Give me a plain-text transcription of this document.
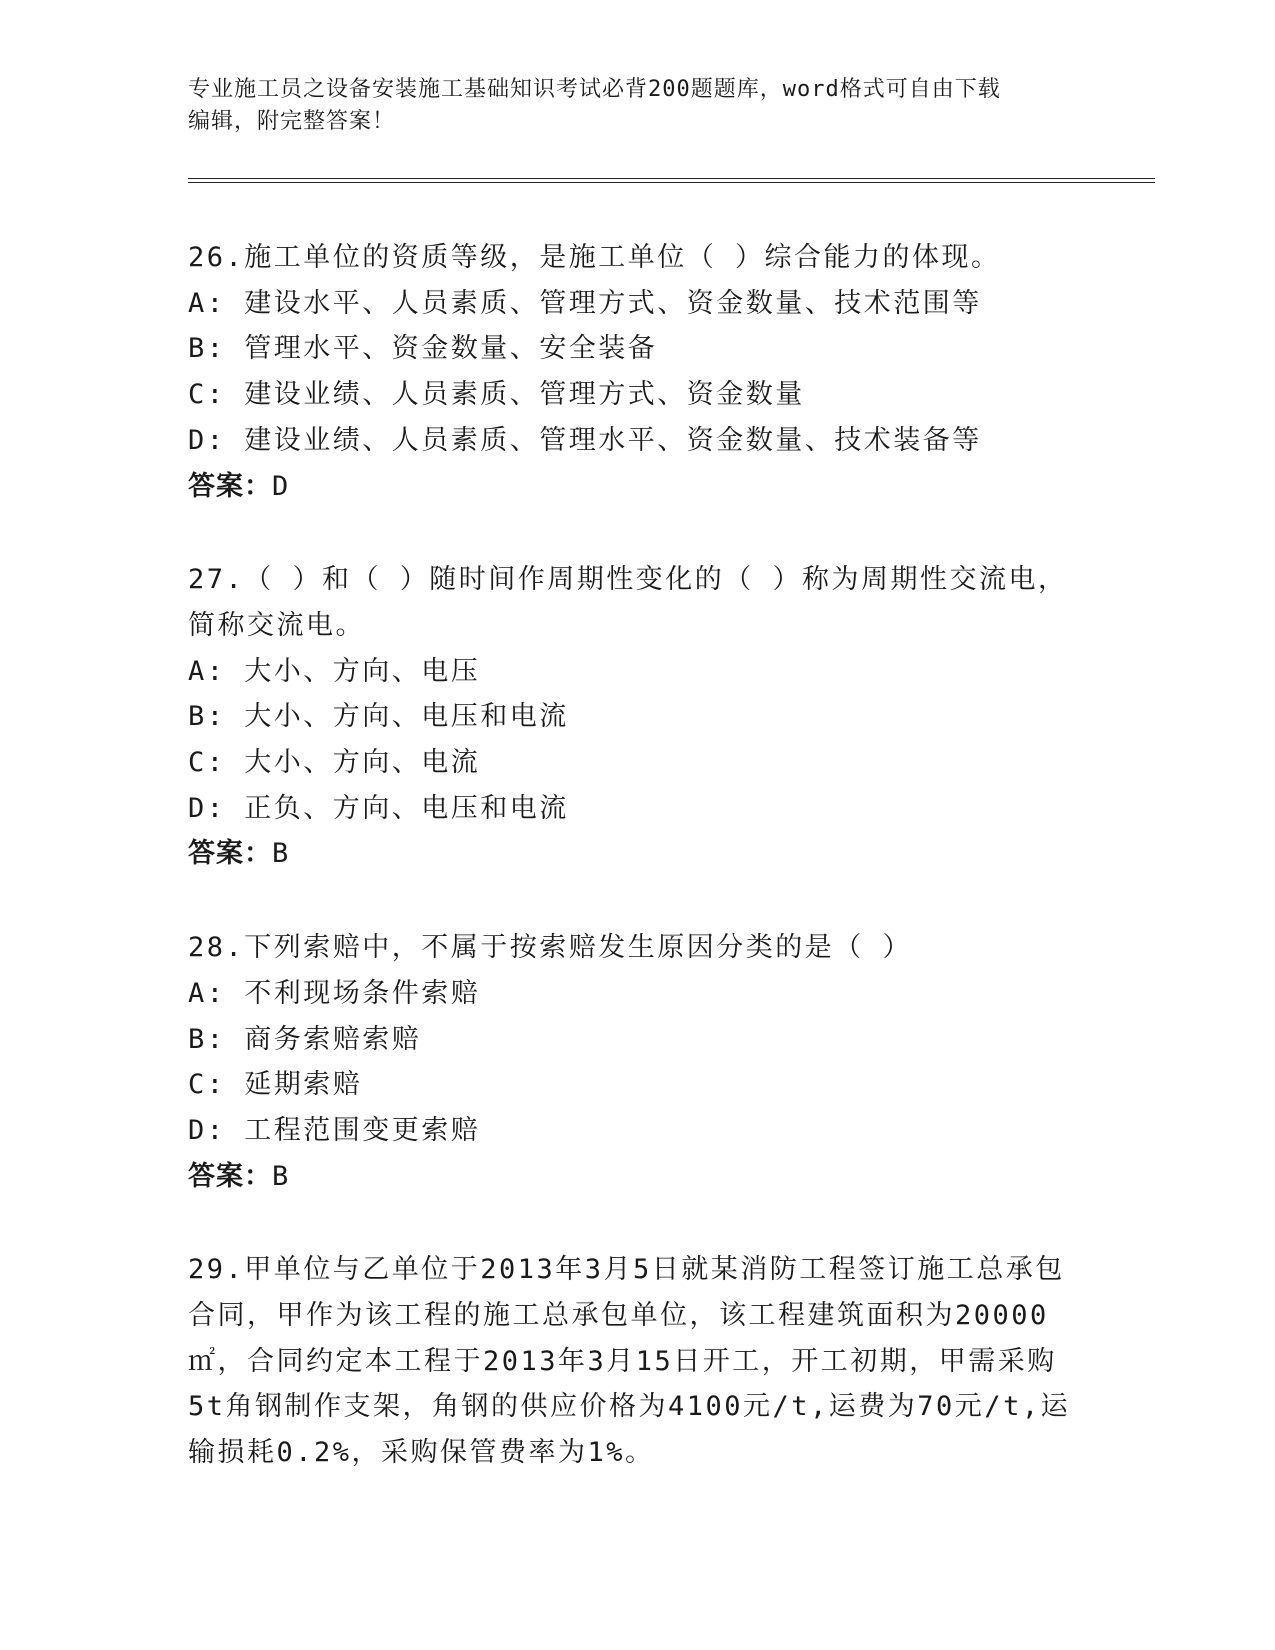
专业施工员之设备安装施工基础知识考试必背200题题库，word格式可自由下载
编辑，附完整答案！
26.施工单位的资质等级，是施工单位（ ）综合能力的体现。
A: 建设水平、人员素质、管理方式、资金数量、技术范围等
B: 管理水平、资金数量、安全装备
C: 建设业绩、人员素质、管理方式、资金数量
D: 建设业绩、人员素质、管理水平、资金数量、技术装备等
答案：D
27.（ ）和（ ）随时间作周期性变化的（ ）称为周期性交流电，简称交流电。
A: 大小、方向、电压
B: 大小、方向、电压和电流
C: 大小、方向、电流
D: 正负、方向、电压和电流
答案：B
28.下列索赔中，不属于按索赔发生原因分类的是（ ）
A: 不利现场条件索赔
B: 商务索赔索赔
C: 延期索赔
D: 工程范围变更索赔
答案：B
29.甲单位与乙单位于2013年3月5日就某消防工程签订施工总承包合同，甲作为该工程的施工总承包单位，该工程建筑面积为20000㎡，合同约定本工程于2013年3月15日开工，开工初期，甲需采购5t角钢制作支架，角钢的供应价格为4100元/t,运费为70元/t,运输损耗0.2%，采购保管费率为1%。
